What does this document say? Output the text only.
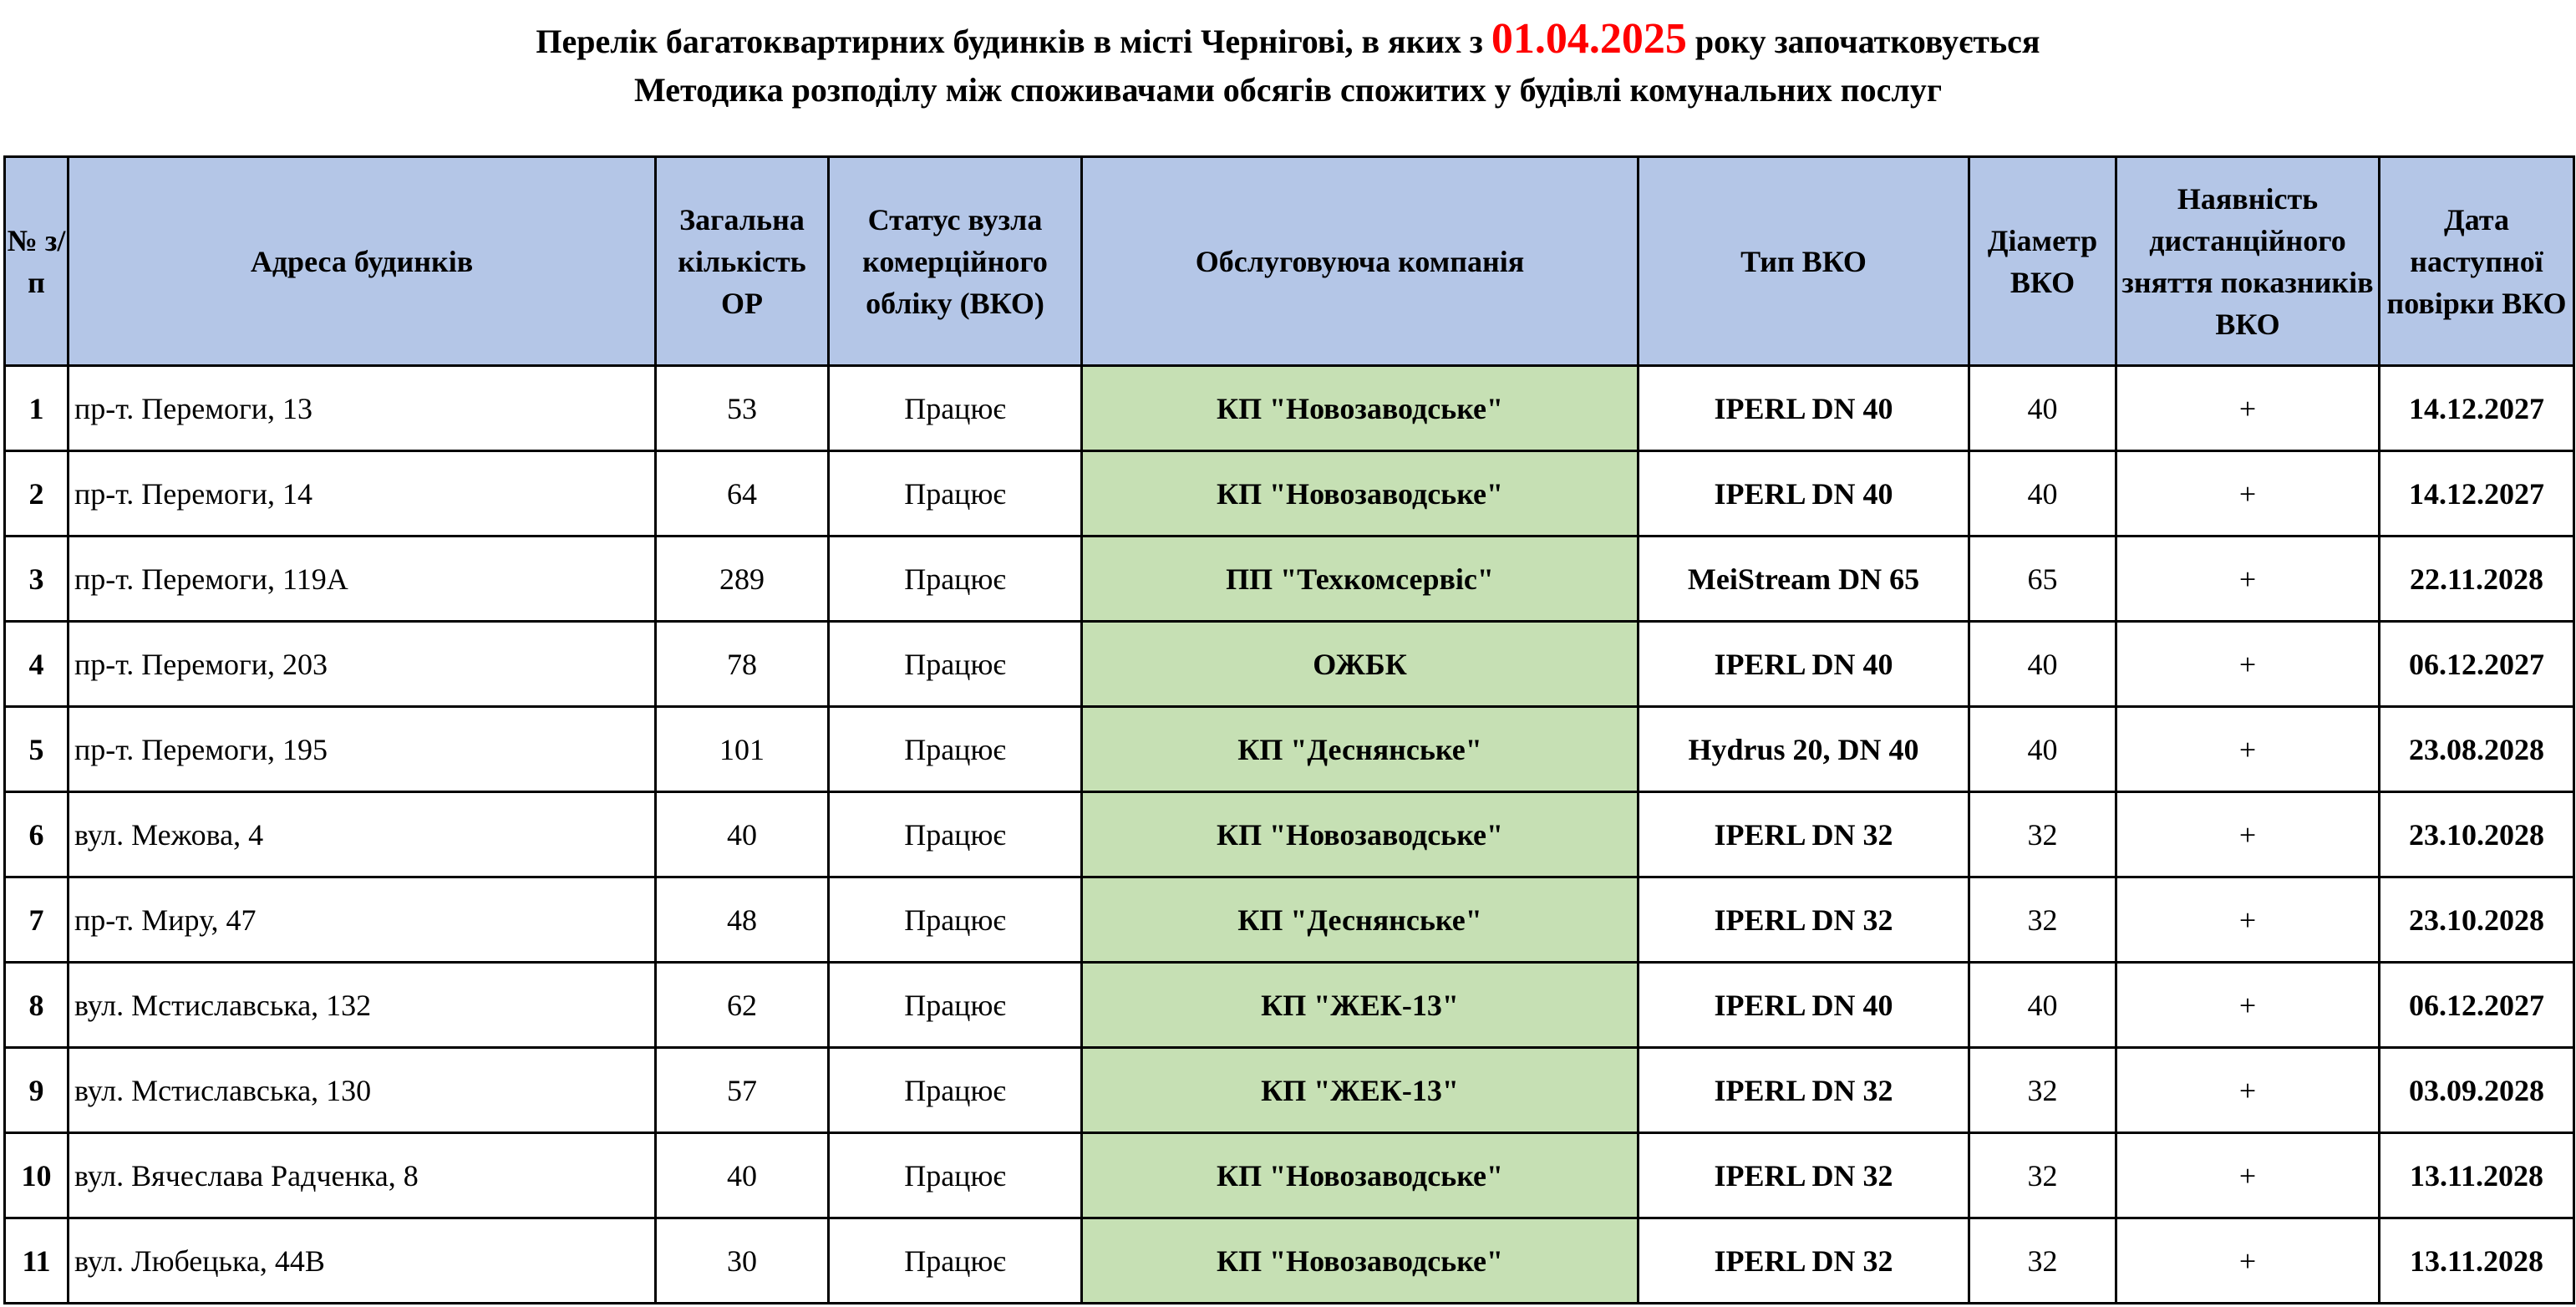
Перелік багатоквартирних будинків в місті Чернігові, в яких з 01.04.2025 року започатковується
Методика розподілу між споживачами обсягів спожитих у будівлі комунальних послуг
№ з/п	Адреса будинків	Загальна кількість ОР	Статус вузла комерційного обліку (ВКО)	Обслуговуюча компанія	Тип ВКО	Діаметр ВКО	Наявність дистанційного зняття показників ВКО	Дата наступної повірки ВКО
1	пр-т. Перемоги, 13	53	Працює	КП "Новозаводське"	IPERL DN 40	40	+	14.12.2027
2	пр-т. Перемоги, 14	64	Працює	КП "Новозаводське"	IPERL DN 40	40	+	14.12.2027
3	пр-т. Перемоги, 119А	289	Працює	ПП "Техкомсервіс"	MeiStream DN 65	65	+	22.11.2028
4	пр-т. Перемоги, 203	78	Працює	ОЖБК	IPERL DN 40	40	+	06.12.2027
5	пр-т. Перемоги, 195	101	Працює	КП "Деснянське"	Hydrus 20, DN 40	40	+	23.08.2028
6	вул. Межова, 4	40	Працює	КП "Новозаводське"	IPERL DN 32	32	+	23.10.2028
7	пр-т. Миру, 47	48	Працює	КП "Деснянське"	IPERL DN 32	32	+	23.10.2028
8	вул. Мстиславська, 132	62	Працює	КП "ЖЕК-13"	IPERL DN 40	40	+	06.12.2027
9	вул. Мстиславська, 130	57	Працює	КП "ЖЕК-13"	IPERL DN 32	32	+	03.09.2028
10	вул. Вячеслава Радченка, 8	40	Працює	КП "Новозаводське"	IPERL DN 32	32	+	13.11.2028
11	вул. Любецька, 44В	30	Працює	КП "Новозаводське"	IPERL DN 32	32	+	13.11.2028
